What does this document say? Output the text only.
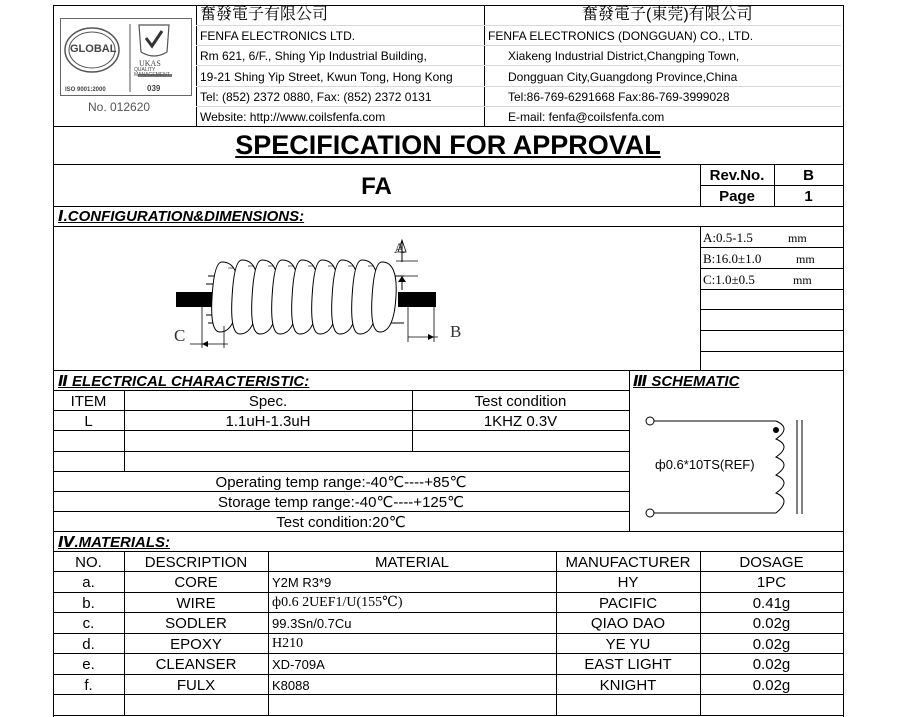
GLOBAL
UKAS
QUALITY MANAGEMENT
ISO 9001:2000	039
No. 012620
奮發電子有限公司
FENFA ELECTRONICS LTD.
Rm 621, 6/F., Shing Yip Industrial Building,
19-21 Shing Yip Street, Kwun Tong, Hong Kong
Tel: (852) 2372 0880, Fax: (852) 2372 0131
Website: http://www.coilsfenfa.com
奮發電子(東莞)有限公司
FENFA ELECTRONICS (DONGGUAN) CO., LTD.
Xiakeng Industrial District,Changping Town,
Dongguan City,Guangdong Province,China
Tel:86-769-6291668 Fax:86-769-3999028
E-mail: fenfa@coilsfenfa.com
SPECIFICATION FOR APPROVAL
FA	Rev.No.	B
Page	1
Ⅰ.CONFIGURATION&DIMENSIONS:
A:0.5-1.5	mm
B:16.0±1.0	mm
C:1.0±0.5	mm
A
B
C
Ⅱ ELECTRICAL CHARACTERISTIC:	Ⅲ SCHEMATIC
ITEM	Spec.	Test condition
L	1.1uH-1.3uH	1KHZ 0.3V
Operating temp range:-40℃----+85℃
Storage temp range:-40℃----+125℃
Test condition:20℃
ф0.6*10TS(REF)
Ⅳ.MATERIALS:
NO.	DESCRIPTION	MATERIAL	MANUFACTURER	DOSAGE
a.	CORE	Y2M R3*9	HY	1PC
b.	WIRE	ф0.6 2UEF1/U(155℃)	PACIFIC	0.41g
c.	SODLER	99.3Sn/0.7Cu	QIAO DAO	0.02g
d.	EPOXY	H210	YE YU	0.02g
e.	CLEANSER	XD-709A	EAST LIGHT	0.02g
f.	FULX	K8088	KNIGHT	0.02g
